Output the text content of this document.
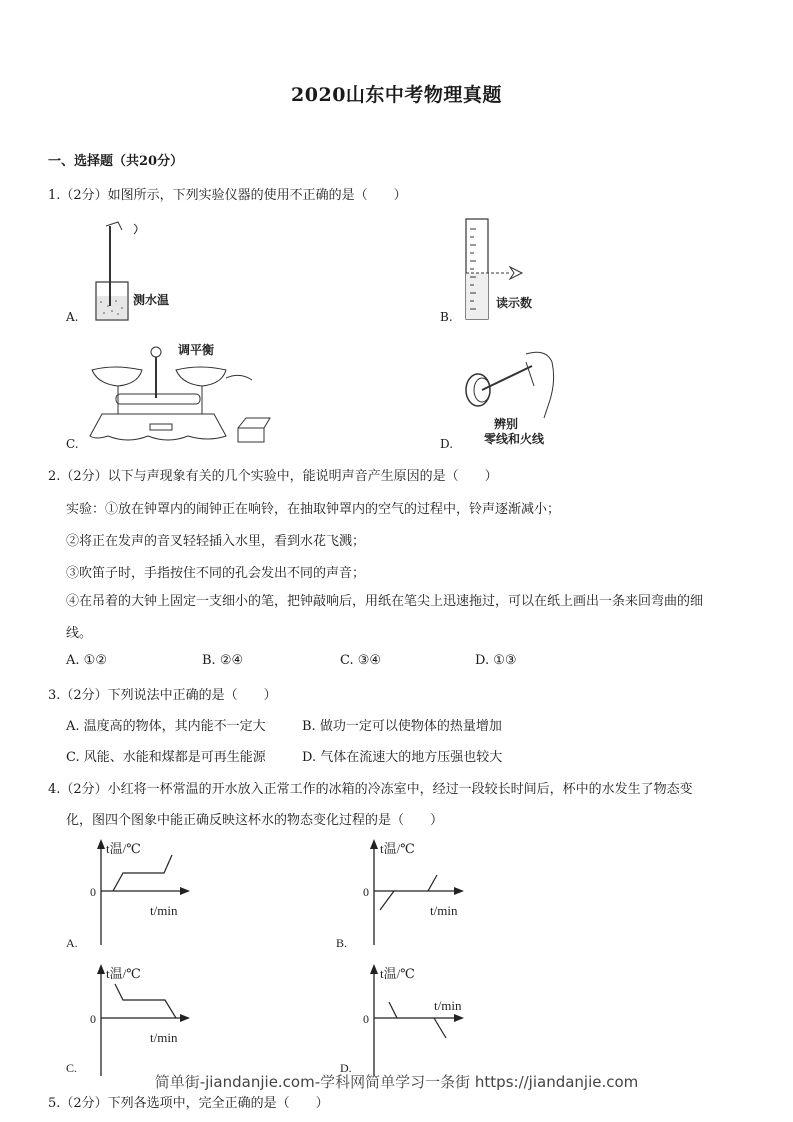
2020山东中考物理真题
一、选择题（共20分）
1.（2分）如图所示，下列实验仪器的使用不正确的是（　　）
A.
测水温
B.
读示数
C.
调平衡
D.
辨别
零线和火线
2.（2分）以下与声现象有关的几个实验中，能说明声音产生原因的是（　　）
实验：①放在钟罩内的闹钟正在响铃，在抽取钟罩内的空气的过程中，铃声逐渐减小；
②将正在发声的音叉轻轻插入水里，看到水花飞溅；
③吹笛子时，手指按住不同的孔会发出不同的声音；
④在吊着的大钟上固定一支细小的笔，把钟敲响后，用纸在笔尖上迅速拖过，可以在纸上画出一条来回弯曲的细
线。
A. ①②	B. ②④	C. ③④	D. ①③
3.（2分）下列说法中正确的是（　　）
A. 温度高的物体，其内能不一定大	B. 做功一定可以使物体的热量增加
C. 风能、水能和煤都是可再生能源	D. 气体在流速大的地方压强也较大
4.（2分）小红将一杯常温的开水放入正常工作的冰箱的冷冻室中，经过一段较长时间后，杯中的水发生了物态变
化，图四个图象中能正确反映这杯水的物态变化过程的是（　　）
t温/℃
0
t/min
A.
t温/℃
0
t/min
B.
t温/℃
0
t/min
C.
t温/℃
0
t/min
D.
简单街-jiandanjie.com-学科网简单学习一条街 https://jiandanjie.com
5.（2分）下列各选项中，完全正确的是（　　）
